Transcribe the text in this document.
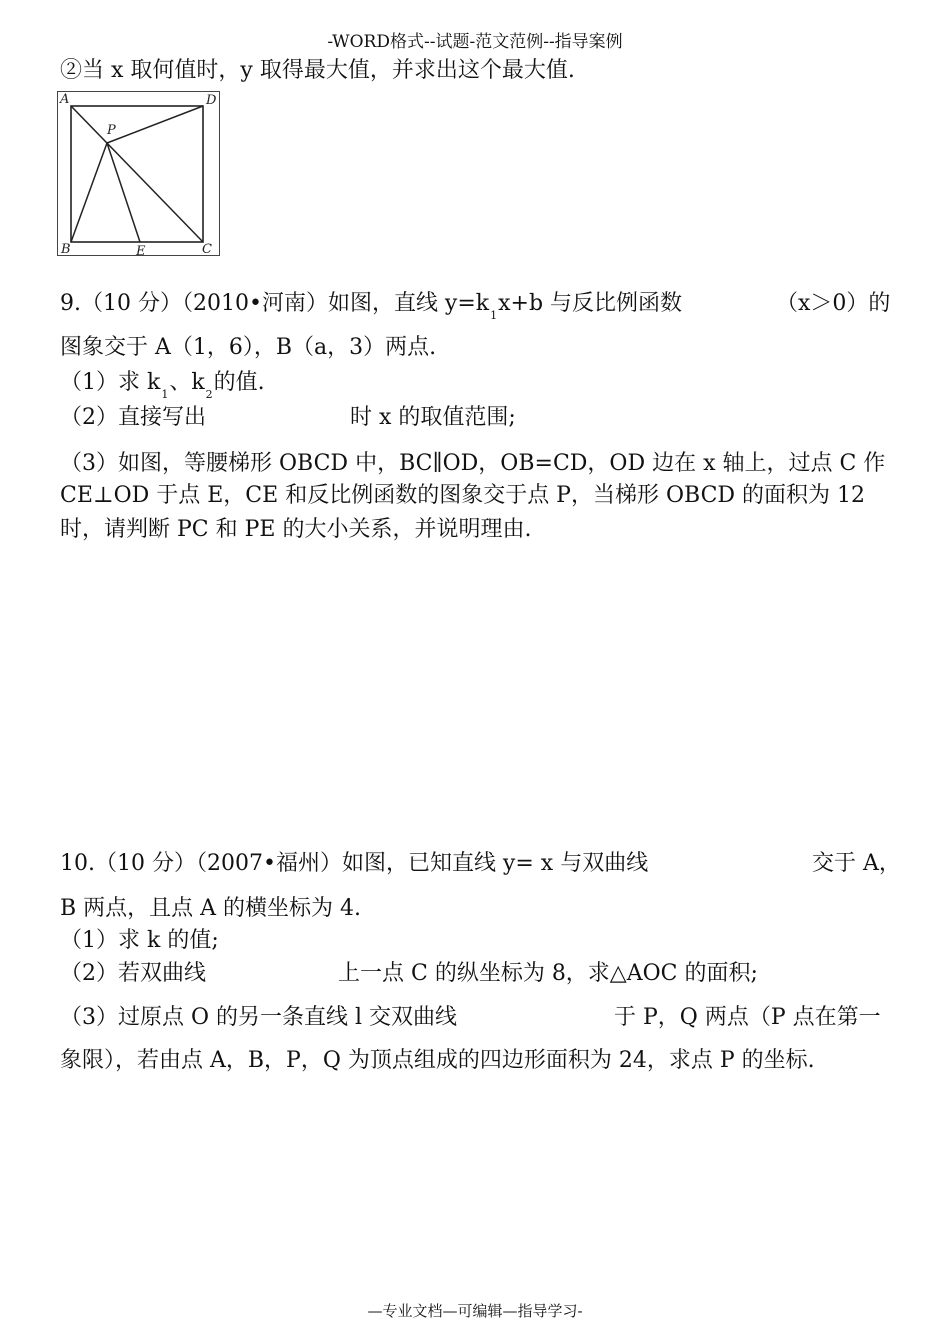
-WORD格式--试题-范文范例--指导案例
②当 x 取何值时，y 取得最大值，并求出这个最大值.
A	D
P
B	E	C
9.（10 分）（2010•河南）如图，直线 $y=k_1x+b$ 与反比例函数	（x＞0）的
图象交于 A（1，6），B（a，3）两点.
（1）求 $k_1$、$k_2$的值.
（2）直接写出	时 x 的取值范围;
（3）如图，等腰梯形 OBCD 中，BC∥OD，OB=CD，OD 边在 x 轴上，过点 C 作
CE⊥OD 于点 E，CE 和反比例函数的图象交于点 P，当梯形 OBCD 的面积为 12
时，请判断 PC 和 PE 的大小关系，并说明理由.
10.（10 分）（2007•福州）如图，已知直线 y= x 与双曲线	交于 A，
B 两点，且点 A 的横坐标为 4.
（1）求 k 的值;
（2）若双曲线	上一点 C 的纵坐标为 8，求△AOC 的面积;
（3）过原点 O 的另一条直线 l 交双曲线	于 P，Q 两点（P 点在第一
象限），若由点 A，B，P，Q 为顶点组成的四边形面积为 24，求点 P 的坐标.
—专业文档—可编辑—指导学习-
